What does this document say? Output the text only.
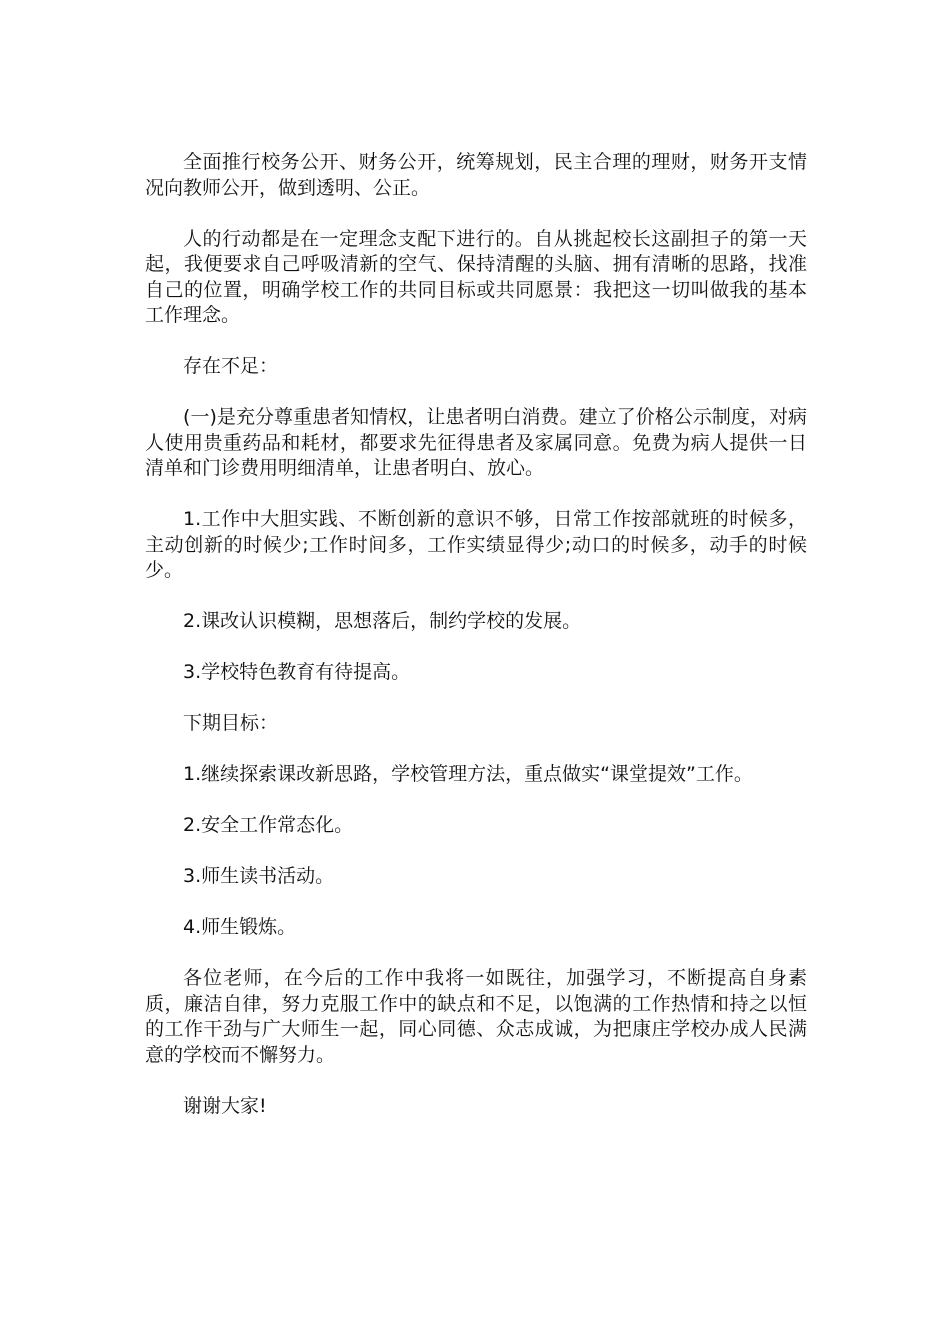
全面推行校务公开、财务公开，统筹规划，民主合理的理财，财务开支情况向教师公开，做到透明、公正。

人的行动都是在一定理念支配下进行的。自从挑起校长这副担子的第一天起，我便要求自己呼吸清新的空气、保持清醒的头脑、拥有清晰的思路，找准自己的位置，明确学校工作的共同目标或共同愿景：我把这一切叫做我的基本工作理念。

存在不足：

(一)是充分尊重患者知情权，让患者明白消费。建立了价格公示制度，对病人使用贵重药品和耗材，都要求先征得患者及家属同意。免费为病人提供一日清单和门诊费用明细清单，让患者明白、放心。

1.工作中大胆实践、不断创新的意识不够，日常工作按部就班的时候多，主动创新的时候少;工作时间多，工作实绩显得少;动口的时候多，动手的时候少。

2.课改认识模糊，思想落后，制约学校的发展。

3.学校特色教育有待提高。

下期目标：

1.继续探索课改新思路，学校管理方法，重点做实“课堂提效”工作。

2.安全工作常态化。

3.师生读书活动。

4.师生锻炼。

各位老师，在今后的工作中我将一如既往，加强学习，不断提高自身素质，廉洁自律，努力克服工作中的缺点和不足，以饱满的工作热情和持之以恒的工作干劲与广大师生一起，同心同德、众志成诚，为把康庄学校办成人民满意的学校而不懈努力。

谢谢大家!
